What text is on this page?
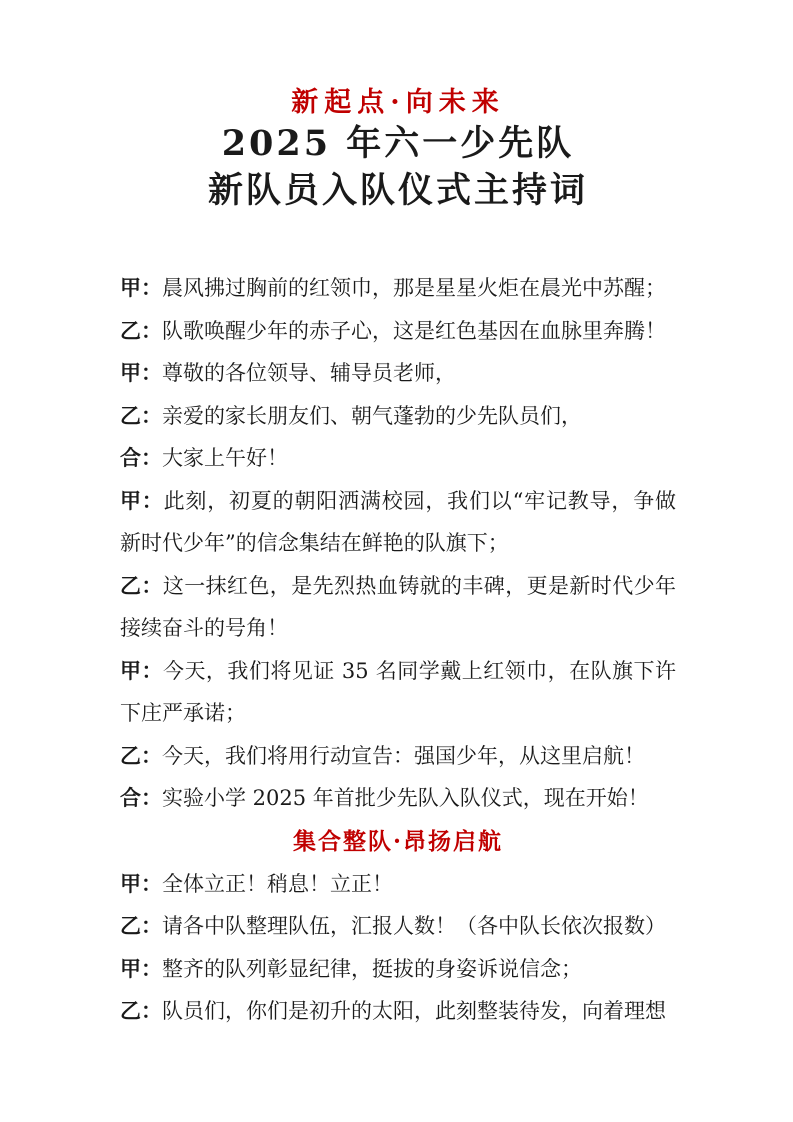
新起点·向未来
2025 年六一少先队
新队员入队仪式主持词

甲：晨风拂过胸前的红领巾，那是星星火炬在晨光中苏醒；

乙：队歌唤醒少年的赤子心，这是红色基因在血脉里奔腾！

甲：尊敬的各位领导、辅导员老师，

乙：亲爱的家长朋友们、朝气蓬勃的少先队员们，

合：大家上午好！

甲：此刻，初夏的朝阳洒满校园，我们以“牢记教导，争做新时代少年”的信念集结在鲜艳的队旗下；

乙：这一抹红色，是先烈热血铸就的丰碑，更是新时代少年接续奋斗的号角！

甲：今天，我们将见证 35 名同学戴上红领巾，在队旗下许下庄严承诺；

乙：今天，我们将用行动宣告：强国少年，从这里启航！

合：实验小学 2025 年首批少先队入队仪式，现在开始！

集合整队·昂扬启航

甲：全体立正！稍息！立正！

乙：请各中队整理队伍，汇报人数！（各中队长依次报数）

甲：整齐的队列彰显纪律，挺拔的身姿诉说信念；

乙：队员们，你们是初升的太阳，此刻整装待发，向着理想
